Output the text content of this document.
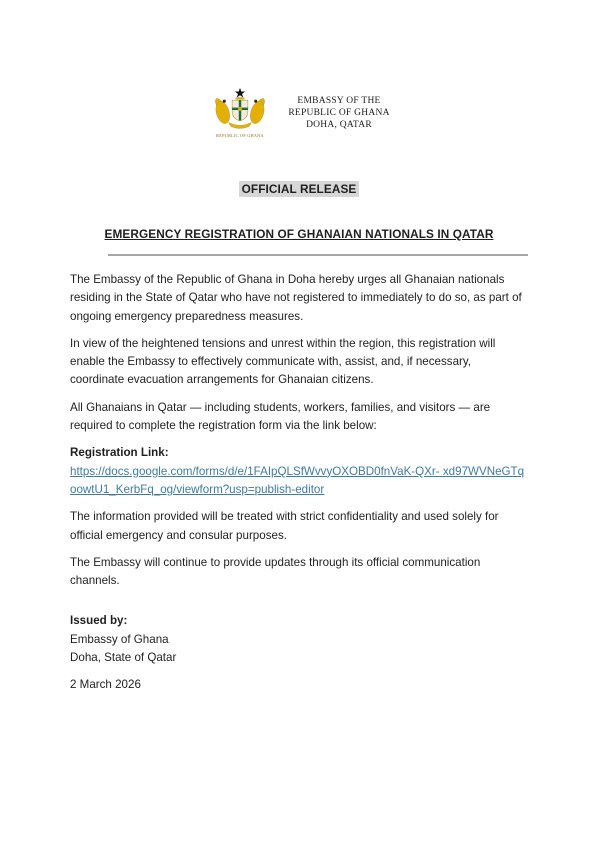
REPUBLIC OF GHANA
EMBASSY OF THE
REPUBLIC OF GHANA
DOHA, QATAR
OFFICIAL RELEASE
EMERGENCY REGISTRATION OF GHANAIAN NATIONALS IN QATAR

The Embassy of the Republic of Ghana in Doha hereby urges all Ghanaian nationals residing in the State of Qatar who have not registered to immediately to do so, as part of ongoing emergency preparedness measures.

In view of the heightened tensions and unrest within the region, this registration will enable the Embassy to effectively communicate with, assist, and, if necessary, coordinate evacuation arrangements for Ghanaian citizens.

All Ghanaians in Qatar — including students, workers, families, and visitors — are required to complete the registration form via the link below:

Registration Link:
https://docs.google.com/forms/d/e/1FAIpQLSfWvvyOXOBD0fnVaK-QXr- xd97WVNeGTqoowtU1_KerbFq_og/viewform?usp=publish-editor

The information provided will be treated with strict confidentiality and used solely for official emergency and consular purposes.

The Embassy will continue to provide updates through its official communication channels.

Issued by:

Embassy of Ghana

Doha, State of Qatar

2 March 2026
